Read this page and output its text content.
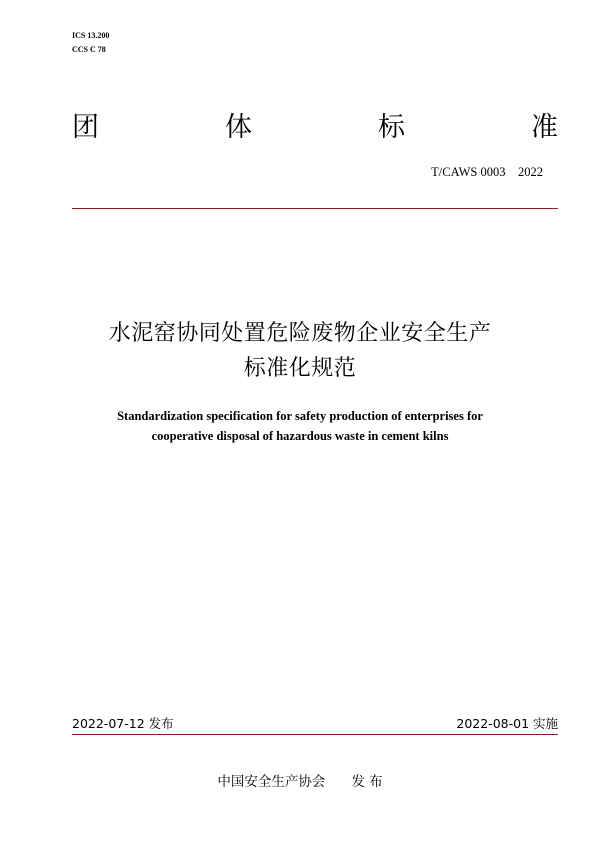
ICS 13.200
CCS C 78
团	体	标	准
T/CAWS 0003    2022
水泥窑协同处置危险废物企业安全生产
标准化规范
Standardization specification for safety production of enterprises for
cooperative disposal of hazardous waste in cement kilns
2022-07-12 发布	2022-08-01 实施
中国安全生产协会 发 布
